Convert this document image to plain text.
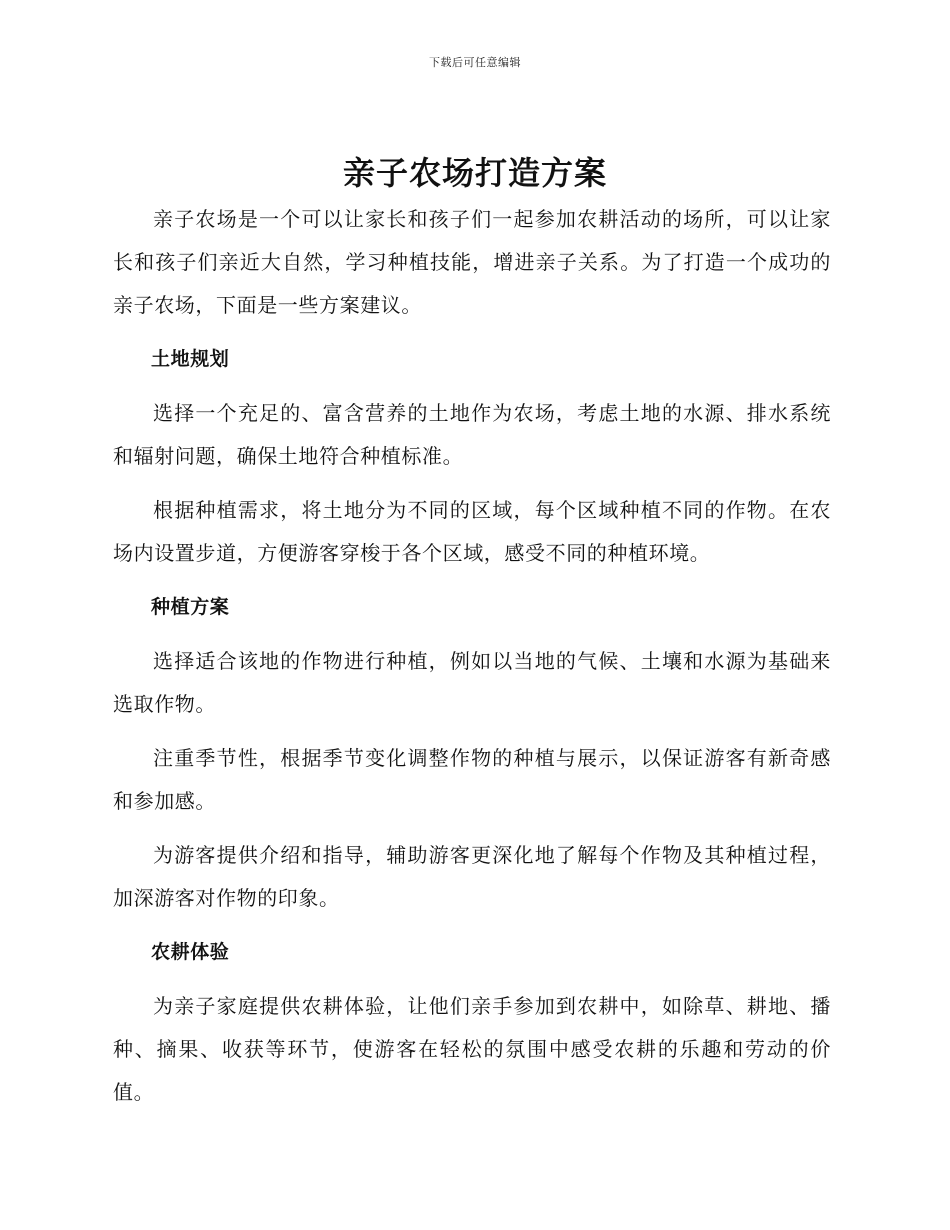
下载后可任意编辑
亲子农场打造方案

亲子农场是一个可以让家长和孩子们一起参加农耕活动的场所，可以让家长和孩子们亲近大自然，学习种植技能，增进亲子关系。为了打造一个成功的亲子农场，下面是一些方案建议。

土地规划

选择一个充足的、富含营养的土地作为农场，考虑土地的水源、排水系统和辐射问题，确保土地符合种植标准。

根据种植需求，将土地分为不同的区域，每个区域种植不同的作物。在农场内设置步道，方便游客穿梭于各个区域，感受不同的种植环境。

种植方案

选择适合该地的作物进行种植，例如以当地的气候、土壤和水源为基础来选取作物。

注重季节性，根据季节变化调整作物的种植与展示，以保证游客有新奇感和参加感。

为游客提供介绍和指导，辅助游客更深化地了解每个作物及其种植过程，加深游客对作物的印象。

农耕体验

为亲子家庭提供农耕体验，让他们亲手参加到农耕中，如除草、耕地、播种、摘果、收获等环节，使游客在轻松的氛围中感受农耕的乐趣和劳动的价值。
